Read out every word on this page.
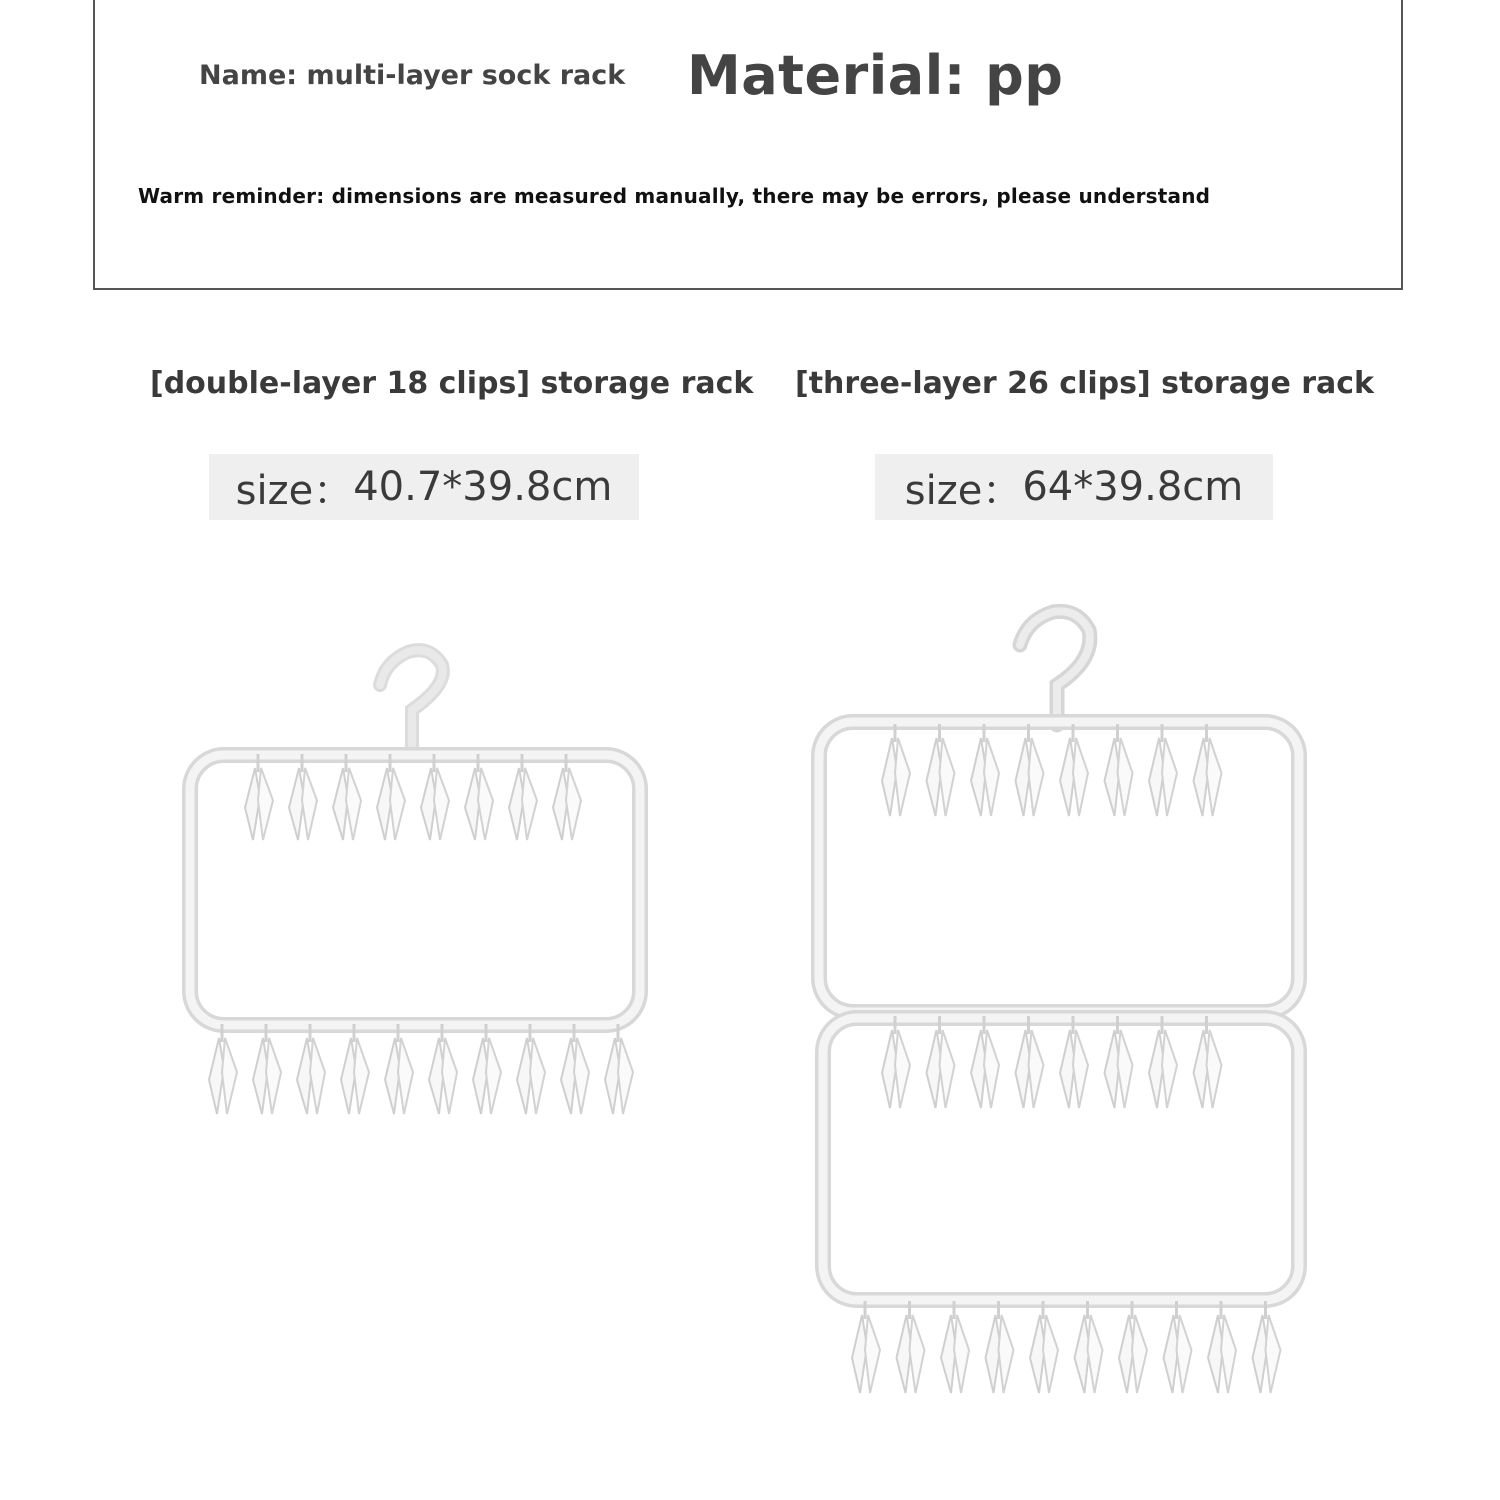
Name: multi-layer sock rack Material: pp
Warm reminder: dimensions are measured manually, there may be errors, please understand
[double-layer 18 clips] storage rack
size： 40.7*39.8cm
[three-layer 26 clips] storage rack
size： 64*39.8cm
